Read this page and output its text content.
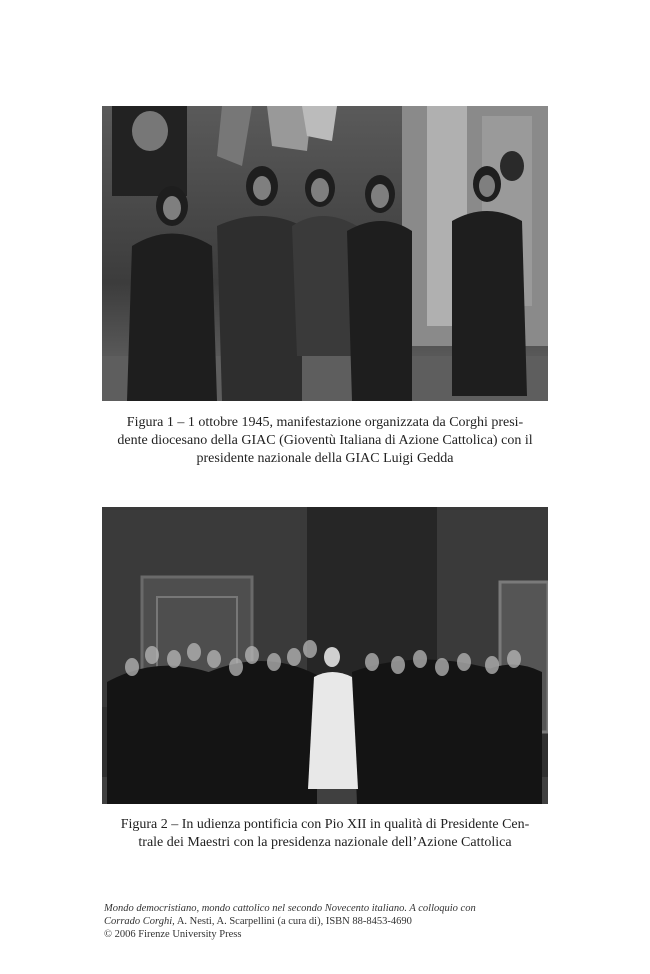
Figura 1 – 1 ottobre 1945, manifestazione organizzata da Corghi presi-
dente diocesano della GIAC (Gioventù Italiana di Azione Cattolica) con il
presidente nazionale della GIAC Luigi Gedda
Figura 2 – In udienza pontificia con Pio XII in qualità di Presidente Cen-
trale dei Maestri con la presidenza nazionale dell’Azione Cattolica
Mondo democristiano, mondo cattolico nel secondo Novecento italiano. A colloquio con
Corrado Corghi, A. Nesti, A. Scarpellini (a cura di), ISBN 88-8453-4690
© 2006 Firenze University Press
